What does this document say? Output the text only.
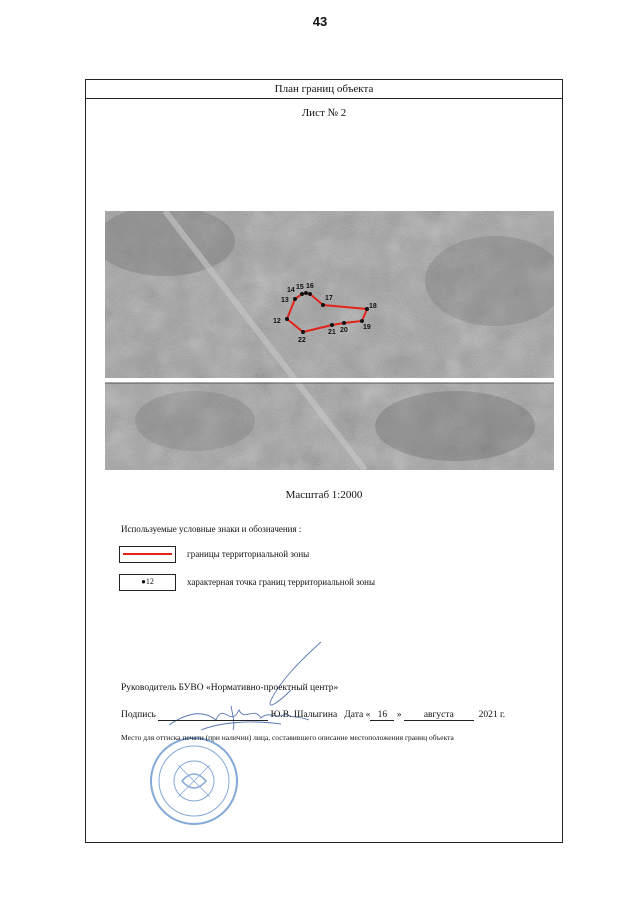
43
План границ объекта
Лист № 2
12
13
14 15 16
17
18
19
20
21
22
Масштаб 1:2000
Используемые условные знаки и обозначения :
границы территориальной зоны
●12	характерная точка границ территориальной зоны
Руководитель БУВО «Нормативно-проектный центр»
Подпись	Ю.В. Шалыгина Дата « 16 » августа	2021 г.
Место для оттиска печати (при наличии) лица, составившего описание местоположения границ объекта
